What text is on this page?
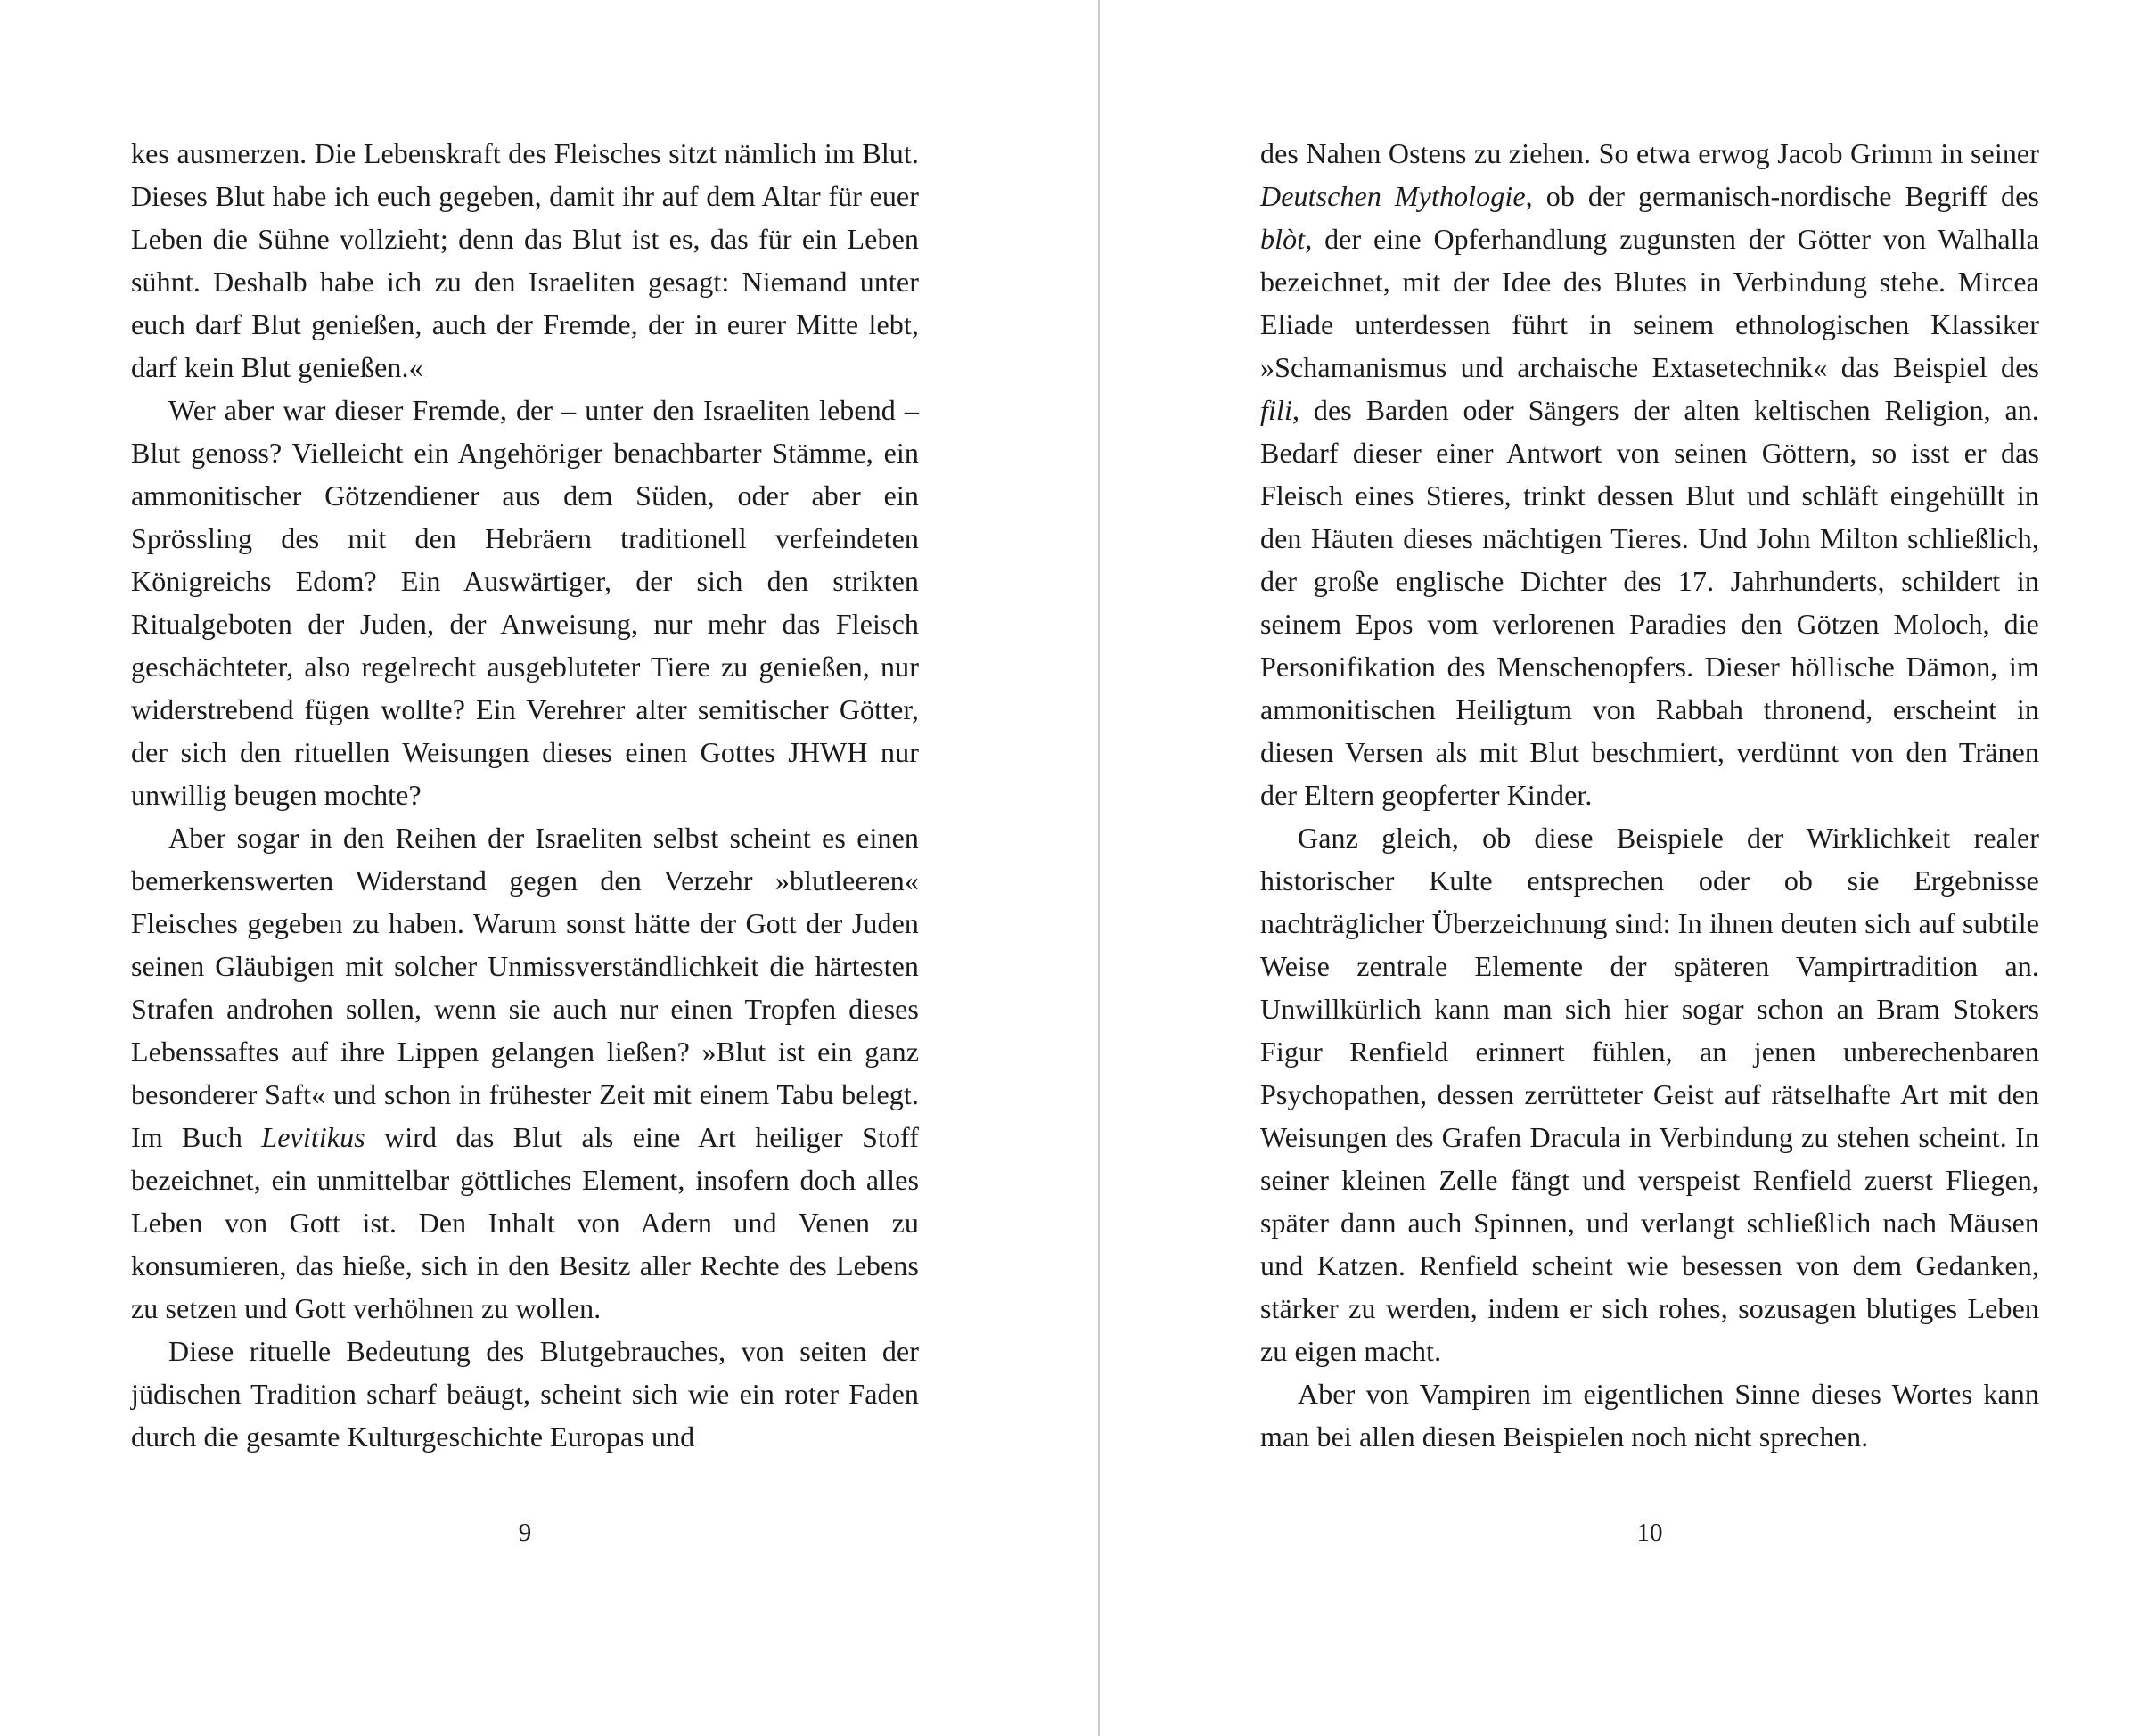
kes ausmerzen. Die Lebenskraft des Fleisches sitzt nämlich im Blut. Dieses Blut habe ich euch gegeben, damit ihr auf dem Altar für euer Leben die Sühne vollzieht; denn das Blut ist es, das für ein Leben sühnt. Deshalb habe ich zu den Israeliten gesagt: Niemand unter euch darf Blut genießen, auch der Fremde, der in eurer Mitte lebt, darf kein Blut genießen.«

Wer aber war dieser Fremde, der – unter den Israeliten lebend – Blut genoss? Vielleicht ein Angehöriger benachbarter Stämme, ein ammonitischer Götzendiener aus dem Süden, oder aber ein Sprössling des mit den Hebräern traditionell verfeindeten Königreichs Edom? Ein Auswärtiger, der sich den strikten Ritualgeboten der Juden, der Anweisung, nur mehr das Fleisch geschächteter, also regelrecht ausgebluteter Tiere zu genießen, nur widerstrebend fügen wollte? Ein Verehrer alter semitischer Götter, der sich den rituellen Weisungen dieses einen Gottes JHWH nur unwillig beugen mochte?

Aber sogar in den Reihen der Israeliten selbst scheint es einen bemerkenswerten Widerstand gegen den Verzehr »blutleeren« Fleisches gegeben zu haben. Warum sonst hätte der Gott der Juden seinen Gläubigen mit solcher Unmissverständlichkeit die härtesten Strafen androhen sollen, wenn sie auch nur einen Tropfen dieses Lebenssaftes auf ihre Lippen gelangen ließen? »Blut ist ein ganz besonderer Saft« und schon in frühester Zeit mit einem Tabu belegt. Im Buch Levitikus wird das Blut als eine Art heiliger Stoff bezeichnet, ein unmittelbar göttliches Element, insofern doch alles Leben von Gott ist. Den Inhalt von Adern und Venen zu konsumieren, das hieße, sich in den Besitz aller Rechte des Lebens zu setzen und Gott verhöhnen zu wollen.

Diese rituelle Bedeutung des Blutgebrauches, von seiten der jüdischen Tradition scharf beäugt, scheint sich wie ein roter Faden durch die gesamte Kulturgeschichte Europas und

9

des Nahen Ostens zu ziehen. So etwa erwog Jacob Grimm in seiner Deutschen Mythologie, ob der germanisch-nordische Begriff des blòt, der eine Opferhandlung zugunsten der Götter von Walhalla bezeichnet, mit der Idee des Blutes in Verbindung stehe. Mircea Eliade unterdessen führt in seinem ethnologischen Klassiker »Schamanismus und archaische Extasetechnik« das Beispiel des fili, des Barden oder Sängers der alten keltischen Religion, an. Bedarf dieser einer Antwort von seinen Göttern, so isst er das Fleisch eines Stieres, trinkt dessen Blut und schläft eingehüllt in den Häuten dieses mächtigen Tieres. Und John Milton schließlich, der große englische Dichter des 17. Jahrhunderts, schildert in seinem Epos vom verlorenen Paradies den Götzen Moloch, die Personifikation des Menschenopfers. Dieser höllische Dämon, im ammonitischen Heiligtum von Rabbah thronend, erscheint in diesen Versen als mit Blut beschmiert, verdünnt von den Tränen der Eltern geopferter Kinder.

Ganz gleich, ob diese Beispiele der Wirklichkeit realer historischer Kulte entsprechen oder ob sie Ergebnisse nachträglicher Überzeichnung sind: In ihnen deuten sich auf subtile Weise zentrale Elemente der späteren Vampirtradition an. Unwillkürlich kann man sich hier sogar schon an Bram Stokers Figur Renfield erinnert fühlen, an jenen unberechenbaren Psychopathen, dessen zerrütteter Geist auf rätselhafte Art mit den Weisungen des Grafen Dracula in Verbindung zu stehen scheint. In seiner kleinen Zelle fängt und verspeist Renfield zuerst Fliegen, später dann auch Spinnen, und verlangt schließlich nach Mäusen und Katzen. Renfield scheint wie besessen von dem Gedanken, stärker zu werden, indem er sich rohes, sozusagen blutiges Leben zu eigen macht.

Aber von Vampiren im eigentlichen Sinne dieses Wortes kann man bei allen diesen Beispielen noch nicht sprechen.

10
